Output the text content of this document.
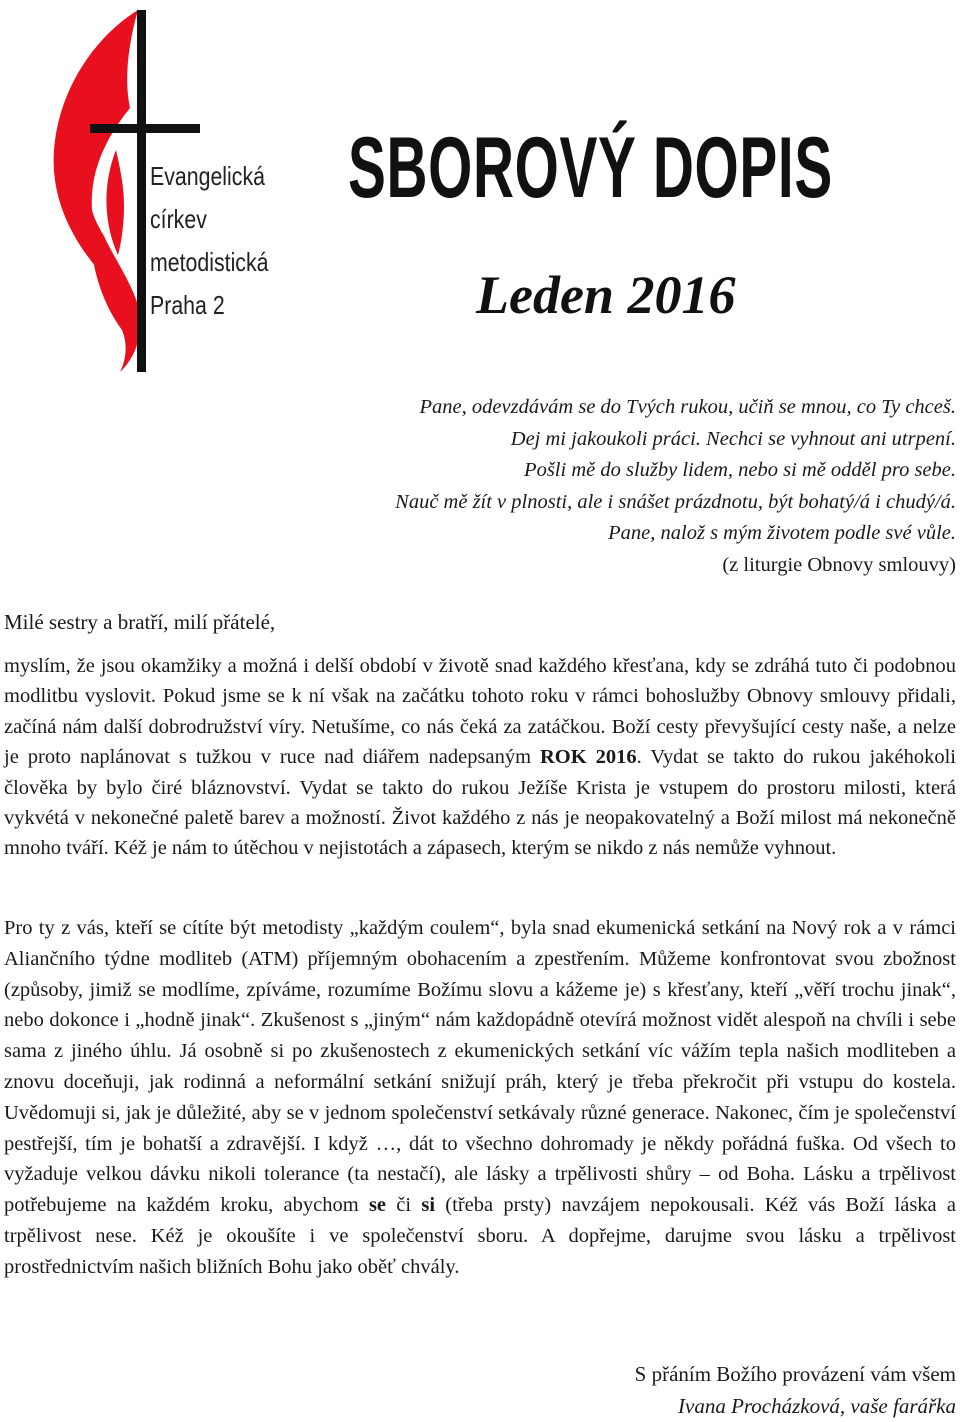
Evangelická
církev
metodistická
Praha 2

SBOROVÝ DOPIS
Leden 2016

Pane, odevzdávám se do Tvých rukou, učiň se mnou, co Ty chceš.
Dej mi jakoukoli práci. Nechci se vyhnout ani utrpení.
Pošli mě do služby lidem, nebo si mě odděl pro sebe.
Nauč mě žít v plnosti, ale i snášet prázdnotu, být bohatý/á i chudý/á.
Pane, nalož s mým životem podle své vůle.
(z liturgie Obnovy smlouvy)

Milé sestry a bratří, milí přátelé,

myslím, že jsou okamžiky a možná i delší období v životě snad každého křesťana, kdy se zdráhá tuto či podobnou modlitbu vyslovit. Pokud jsme se k ní však na začátku tohoto roku v rámci bohoslužby Obnovy smlouvy přidali, začíná nám další dobrodružství víry. Netušíme, co nás čeká za zatáčkou. Boží cesty převyšující cesty naše, a nelze je proto naplánovat s tužkou v ruce nad diářem nadepsaným ROK 2016. Vydat se takto do rukou jakéhokoli člověka by bylo čiré bláznovství. Vydat se takto do rukou Ježíše Krista je vstupem do prostoru milosti, která vykvétá v nekonečné paletě barev a možností. Život každého z nás je neopakovatelný a Boží milost má nekonečně mnoho tváří. Kéž je nám to útěchou v nejistotách a zápasech, kterým se nikdo z nás nemůže vyhnout.

Pro ty z vás, kteří se cítíte být metodisty „každým coulem“, byla snad ekumenická setkání na Nový rok a v rámci Aliančního týdne modliteb (ATM) příjemným obohacením a zpestřením. Můžeme konfrontovat svou zbožnost (způsoby, jimiž se modlíme, zpíváme, rozumíme Božímu slovu a kážeme je) s křesťany, kteří „věří trochu jinak“, nebo dokonce i „hodně jinak“. Zkušenost s „jiným“ nám každopádně otevírá možnost vidět alespoň na chvíli i sebe sama z jiného úhlu. Já osobně si po zkušenostech z ekumenických setkání víc vážím tepla našich modliteben a znovu doceňuji, jak rodinná a neformální setkání snižují práh, který je třeba překročit při vstupu do kostela. Uvědomuji si, jak je důležité, aby se v jednom společenství setkávaly různé generace. Nakonec, čím je společenství pestřejší, tím je bohatší a zdravější. I když …, dát to všechno dohromady je někdy pořádná fuška. Od všech to vyžaduje velkou dávku nikoli tolerance (ta nestačí), ale lásky a trpělivosti shůry – od Boha. Lásku a trpělivost potřebujeme na každém kroku, abychom se či si (třeba prsty) navzájem nepokousali. Kéž vás Boží láska a trpělivost nese. Kéž je okoušíte i ve společenství sboru. A dopřejme, darujme svou lásku a trpělivost prostřednictvím našich bližních Bohu jako oběť chvály.

S přáním Božího provázení vám všem
Ivana Procházková, vaše farářka
